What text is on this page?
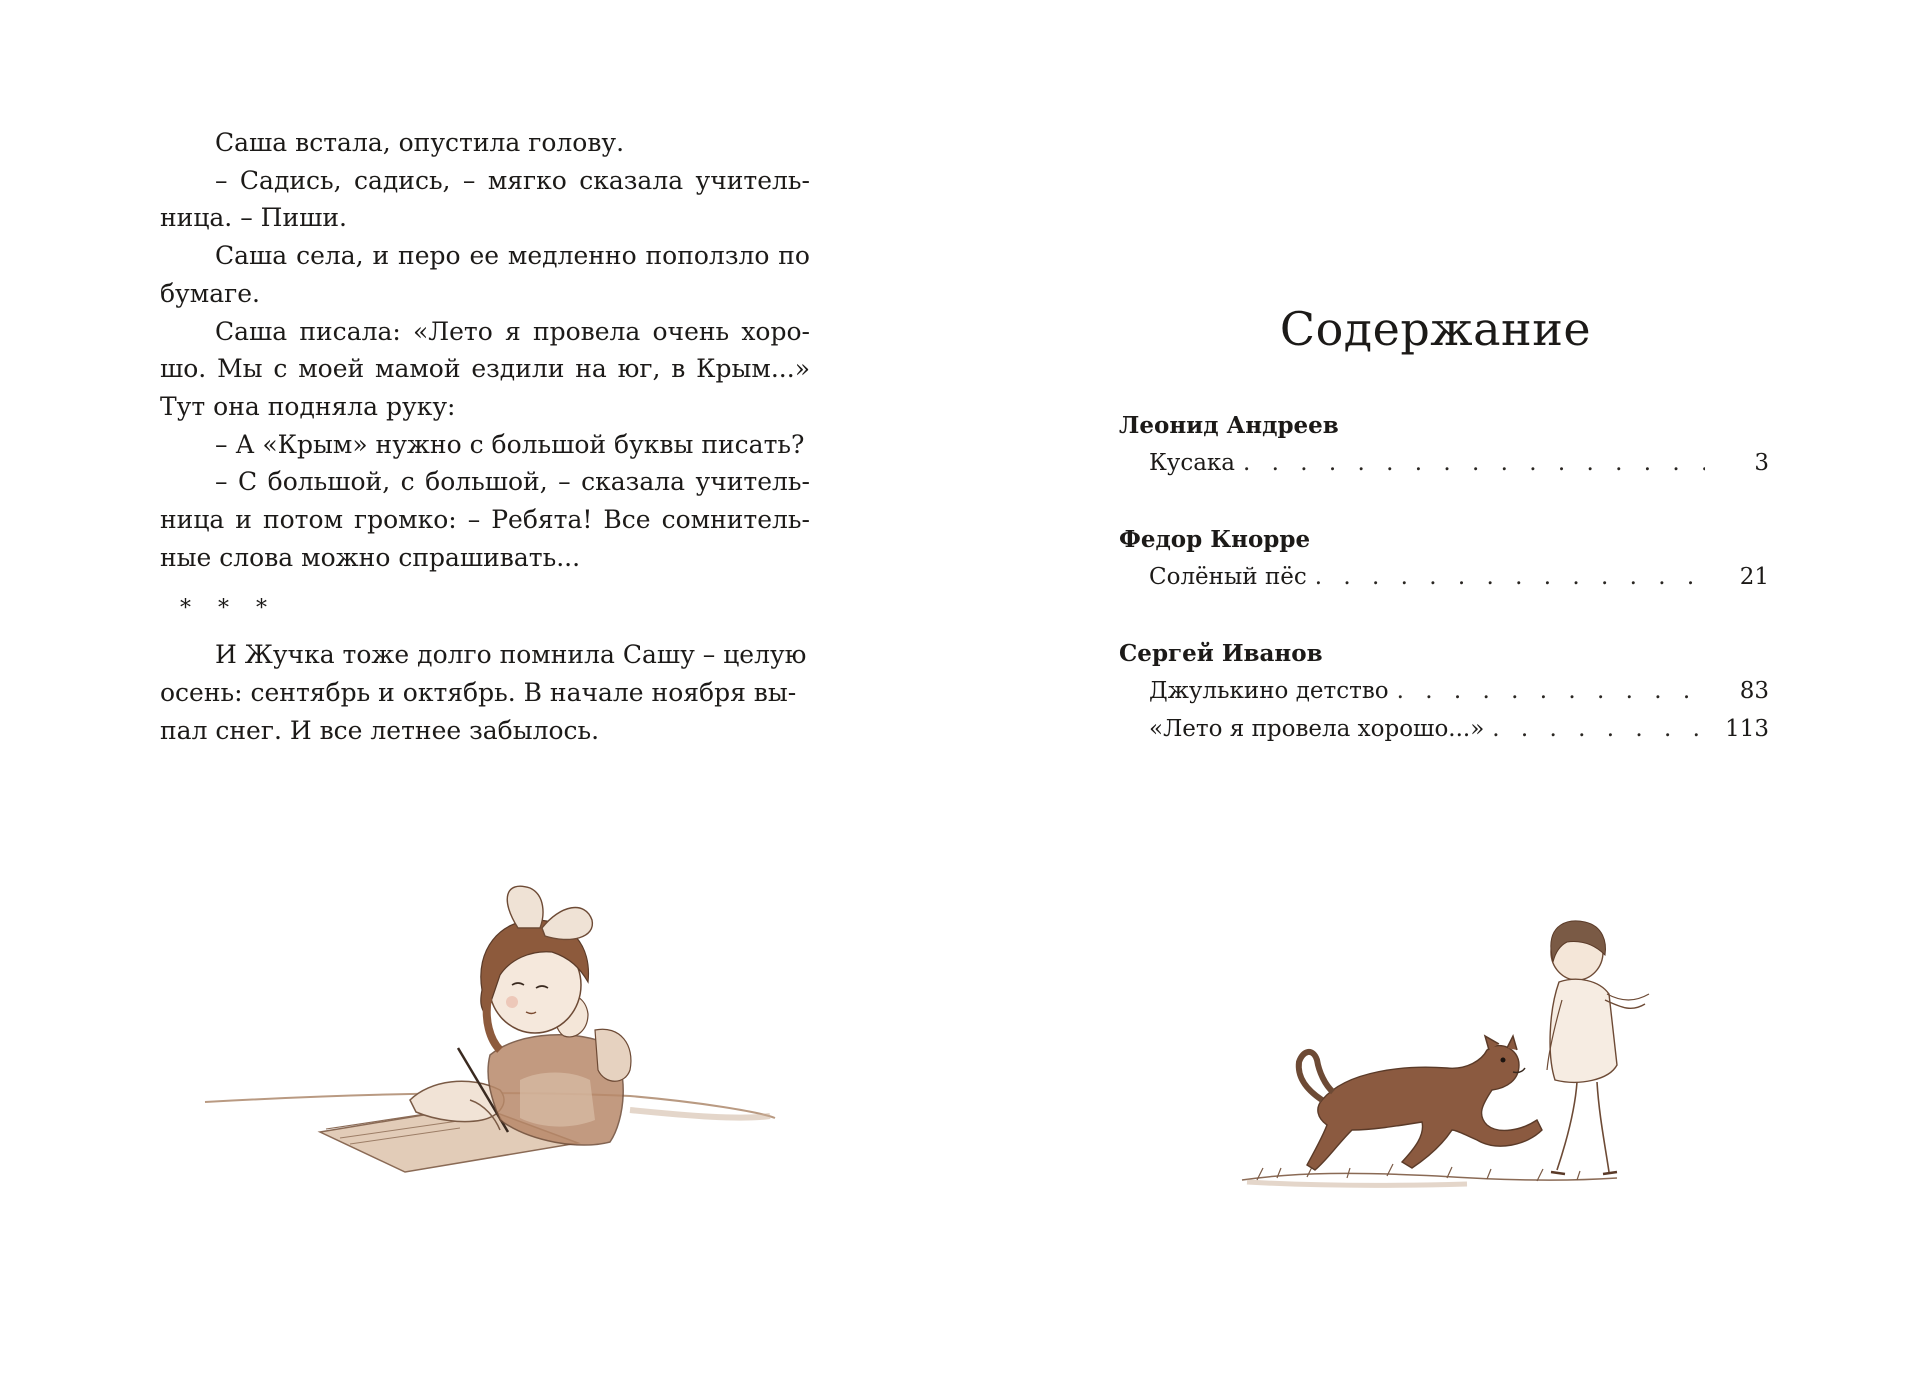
Саша встала, опустила голову.

– Садись, садись, – мягко сказала учительница. – Пиши.

Саша села, и перо ее медленно поползло по бумаге.

Саша писала: «Лето я провела очень хорошо. Мы с моей мамой ездили на юг, в Крым...» Тут она подняла руку:

– А «Крым» нужно с большой буквы писать?

– С большой, с большой, – сказала учительница и потом громко: – Ребята! Все сомнительные слова можно спрашивать...

* * *

И Жучка тоже долго помнила Сашу – целую осень: сентябрь и октябрь. В начале ноября выпал снег. И все летнее забылось.

Содержание
Леонид Андреев
Кусака . . .	3
Федор Кнорре
Солёный пёс . . .	21
Сергей Иванов
Джулькино детство . . .	83
«Лето я провела хорошо...» . . .	113
